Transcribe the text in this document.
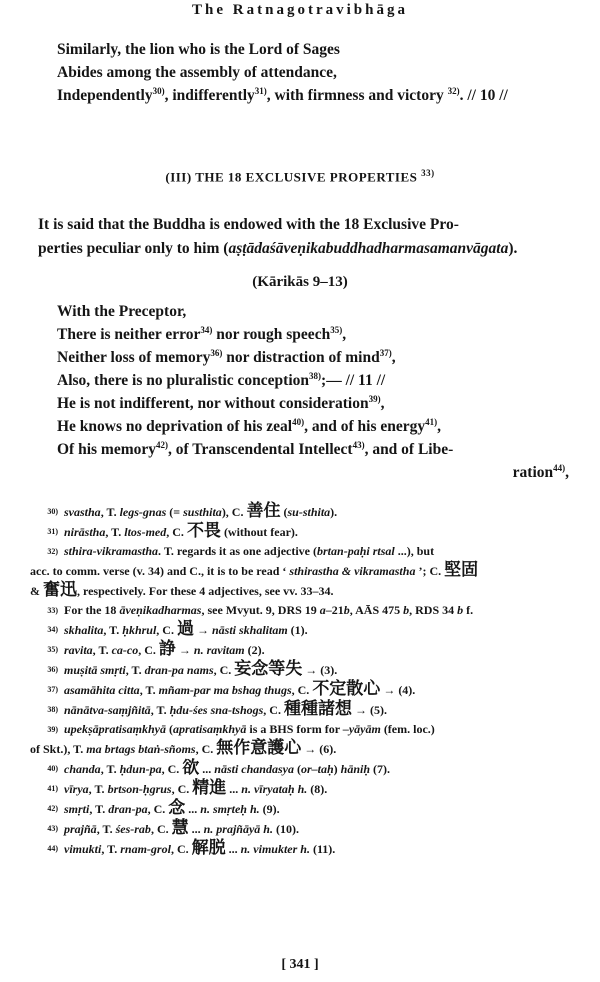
The Ratnagotravibhāga
Similarly, the lion who is the Lord of Sages
Abides among the assembly of attendance,
Independently$^{30)}$, indifferently$^{31)}$, with firmness and victory $^{32)}$. // 10 //
(III) THE 18 EXCLUSIVE PROPERTIES $^{33)}$
It is said that the Buddha is endowed with the 18 Exclusive Pro-
perties peculiar only to him (aṣṭādaśāveṇikabuddhadharmasamanvāgata).
(Kārikās 9–13)
With the Preceptor,
There is neither error$^{34)}$ nor rough speech$^{35)}$,
Neither loss of memory$^{36)}$ nor distraction of mind$^{37)}$,
Also, there is no pluralistic conception$^{38)}$;— // 11 //
He is not indifferent, nor without consideration$^{39)}$,
He knows no deprivation of his zeal$^{40)}$, and of his energy$^{41)}$,
Of his memory$^{42)}$, of Transcendental Intellect$^{43)}$, and of Libe-
ration$^{44)}$,
30) svastha, T. legs-gnas (= susthita), C. 善住 (su-sthita).
31) nirāstha, T. ltos-med, C. 不畏 (without fear).
32) sthira-vikramastha. T. regards it as one adjective (brtan-paḥi rtsal ...), but
acc. to comm. verse (v. 34) and C., it is to be read ‘ sthirastha & vikramastha ’; C. 堅固
& 奮迅, respectively. For these 4 adjectives, see vv. 33–34.
33) For the 18 āveṇikadharmas, see Mvyut. 9, DRS 19 a–21b, AĀS 475 b, RDS 34 b f.
34) skhalita, T. ḥkhrul, C. 過 → nāsti skhalitam (1).
35) ravita, T. ca-co, C. 諍 → n. ravitam (2).
36) muṣitā smṛti, T. dran-pa nams, C. 妄念等失 → (3).
37) asamāhita citta, T. mñam-par ma bshag thugs, C. 不定散心 → (4).
38) nānātva-saṃjñitā, T. ḥdu-śes sna-tshogs, C. 種種諸想 → (5).
39) upekṣāpratisaṃkhyā (apratisaṃkhyā is a BHS form for –yāyām (fem. loc.)
of Skt.), T. ma brtags btaṅ-sñoms, C. 無作意護心 → (6).
40) chanda, T. ḥdun-pa, C. 欲 ... nāsti chandasya (or–taḥ) hāniḥ (7).
41) vīrya, T. brtson-ḥgrus, C. 精進 ... n. vīryataḥ h. (8).
42) smṛti, T. dran-pa, C. 念 ... n. smṛteḥ h. (9).
43) prajñā, T. śes-rab, C. 慧 ... n. prajñāyā h. (10).
44) vimukti, T. rnam-grol, C. 解脱 ... n. vimukter h. (11).
[ 341 ]
